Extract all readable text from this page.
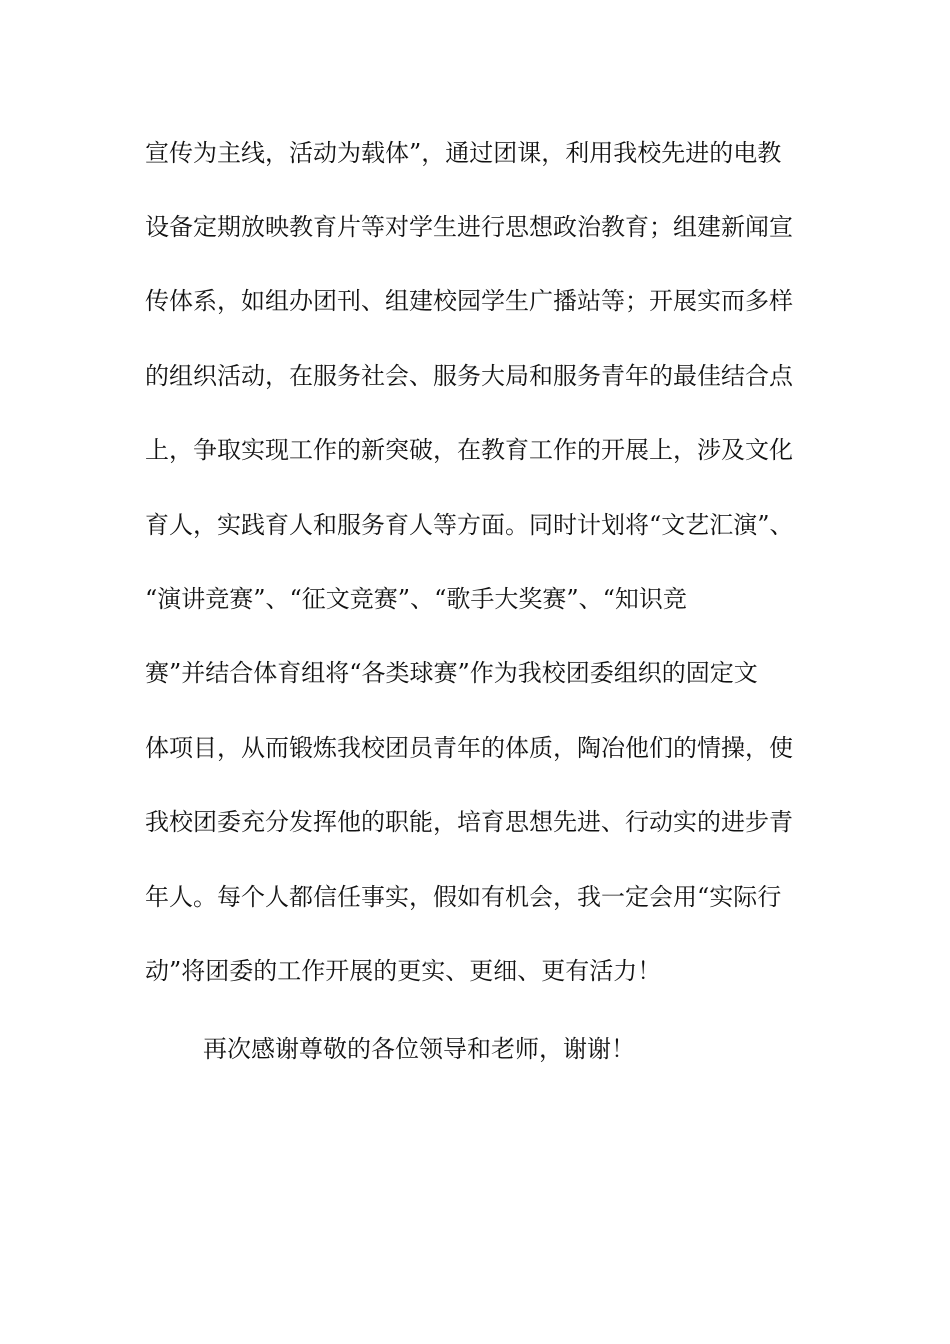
宣传为主线，活动为载体”，通过团课，利用我校先进的电教

设备定期放映教育片等对学生进行思想政治教育；组建新闻宣

传体系，如组办团刊、组建校园学生广播站等；开展实而多样

的组织活动，在服务社会、服务大局和服务青年的最佳结合点

上，争取实现工作的新突破，在教育工作的开展上，涉及文化

育人，实践育人和服务育人等方面。同时计划将“文艺汇演”、

“演讲竞赛”、“征文竞赛”、“歌手大奖赛”、“知识竞

赛”并结合体育组将“各类球赛”作为我校团委组织的固定文

体项目，从而锻炼我校团员青年的体质，陶冶他们的情操，使

我校团委充分发挥他的职能，培育思想先进、行动实的进步青

年人。每个人都信任事实，假如有机会，我一定会用“实际行

动”将团委的工作开展的更实、更细、更有活力！

再次感谢尊敬的各位领导和老师，谢谢！
